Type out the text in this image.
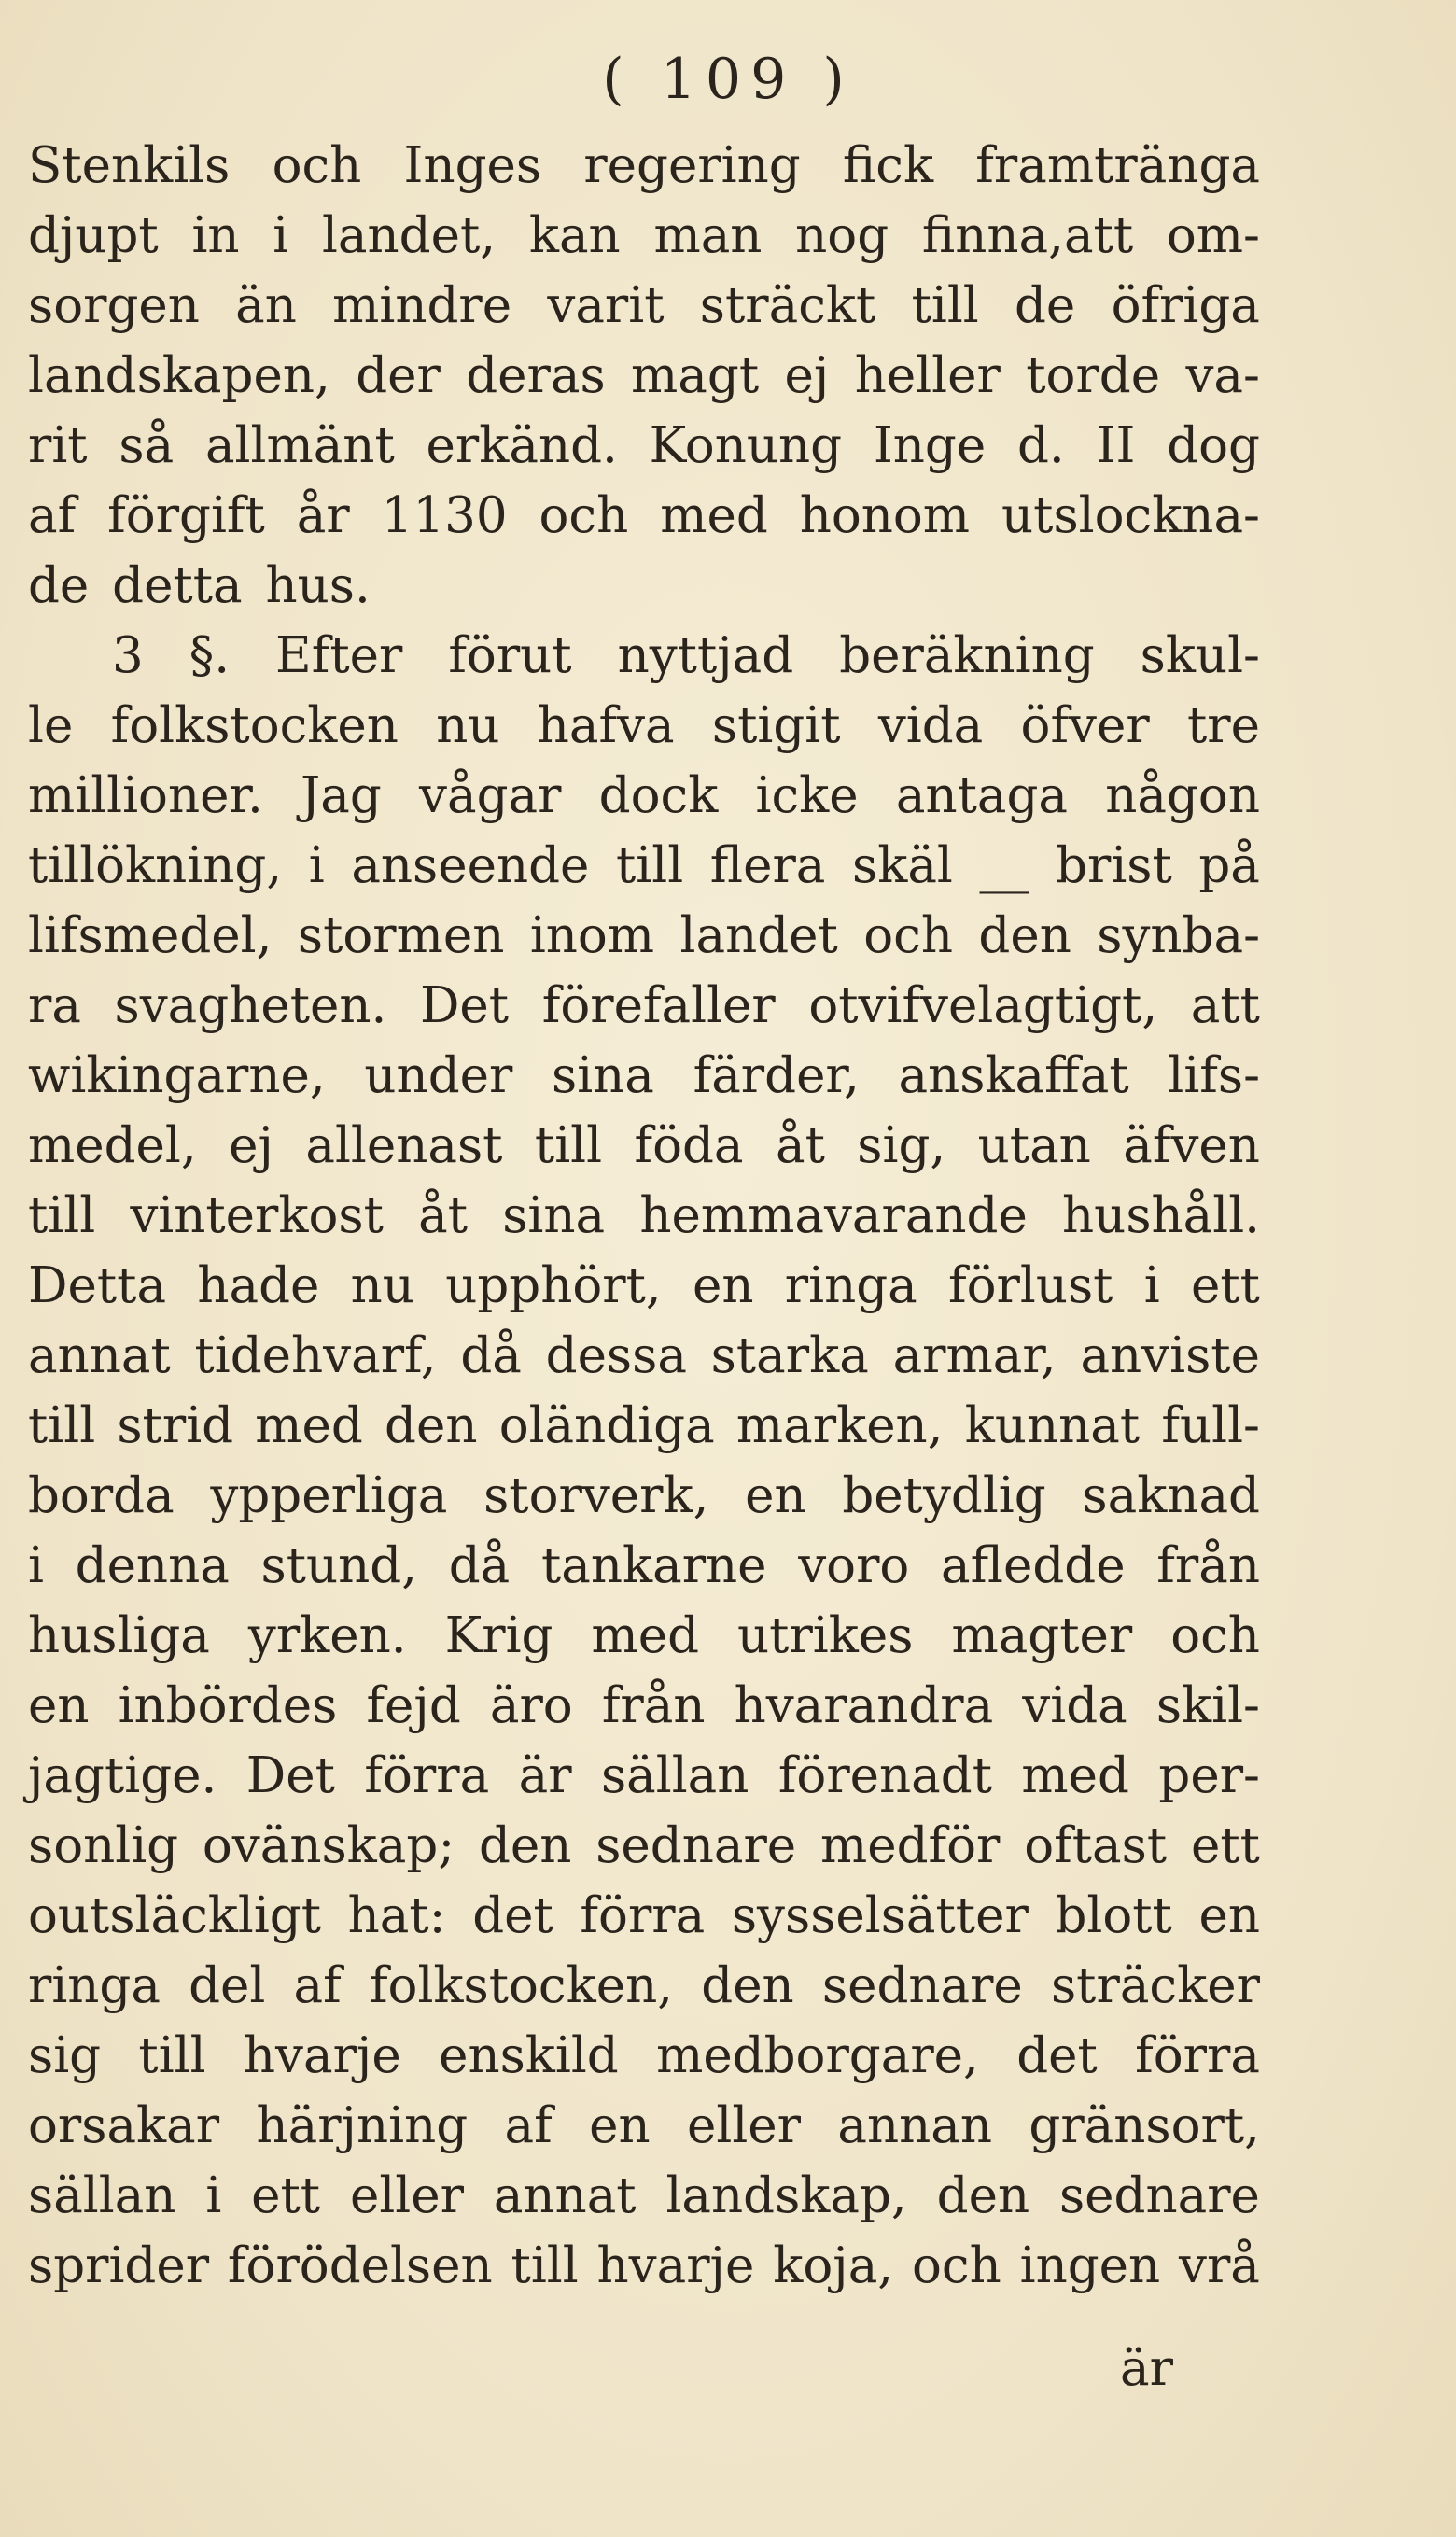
( 109 )
Stenkils och Inges regering fick framtränga
djupt in i landet, kan man nog finna,att om-
sorgen än mindre varit sträckt till de öfriga
landskapen, der deras magt ej heller torde va-
rit så allmänt erkänd. Konung Inge d. II dog
af förgift år 1130 och med honom utslockna-
de detta hus.
3 §. Efter förut nyttjad beräkning skul-
le folkstocken nu hafva stigit vida öfver tre
millioner. Jag vågar dock icke antaga någon
tillökning, i anseende till flera skäl __ brist på
lifsmedel, stormen inom landet och den synba-
ra svagheten. Det förefaller otvifvelagtigt, att
wikingarne, under sina färder, anskaffat lifs-
medel, ej allenast till föda åt sig, utan äfven
till vinterkost åt sina hemmavarande hushåll.
Detta hade nu upphört, en ringa förlust i ett
annat tidehvarf, då dessa starka armar, anviste
till strid med den oländiga marken, kunnat full-
borda ypperliga storverk, en betydlig saknad
i denna stund, då tankarne voro afledde från
husliga yrken. Krig med utrikes magter och
en inbördes fejd äro från hvarandra vida skil-
jagtige. Det förra är sällan förenadt med per-
sonlig ovänskap; den sednare medför oftast ett
outsläckligt hat: det förra sysselsätter blott en
ringa del af folkstocken, den sednare sträcker
sig till hvarje enskild medborgare, det förra
orsakar härjning af en eller annan gränsort,
sällan i ett eller annat landskap, den sednare
sprider förödelsen till hvarje koja, och ingen vrå
är
